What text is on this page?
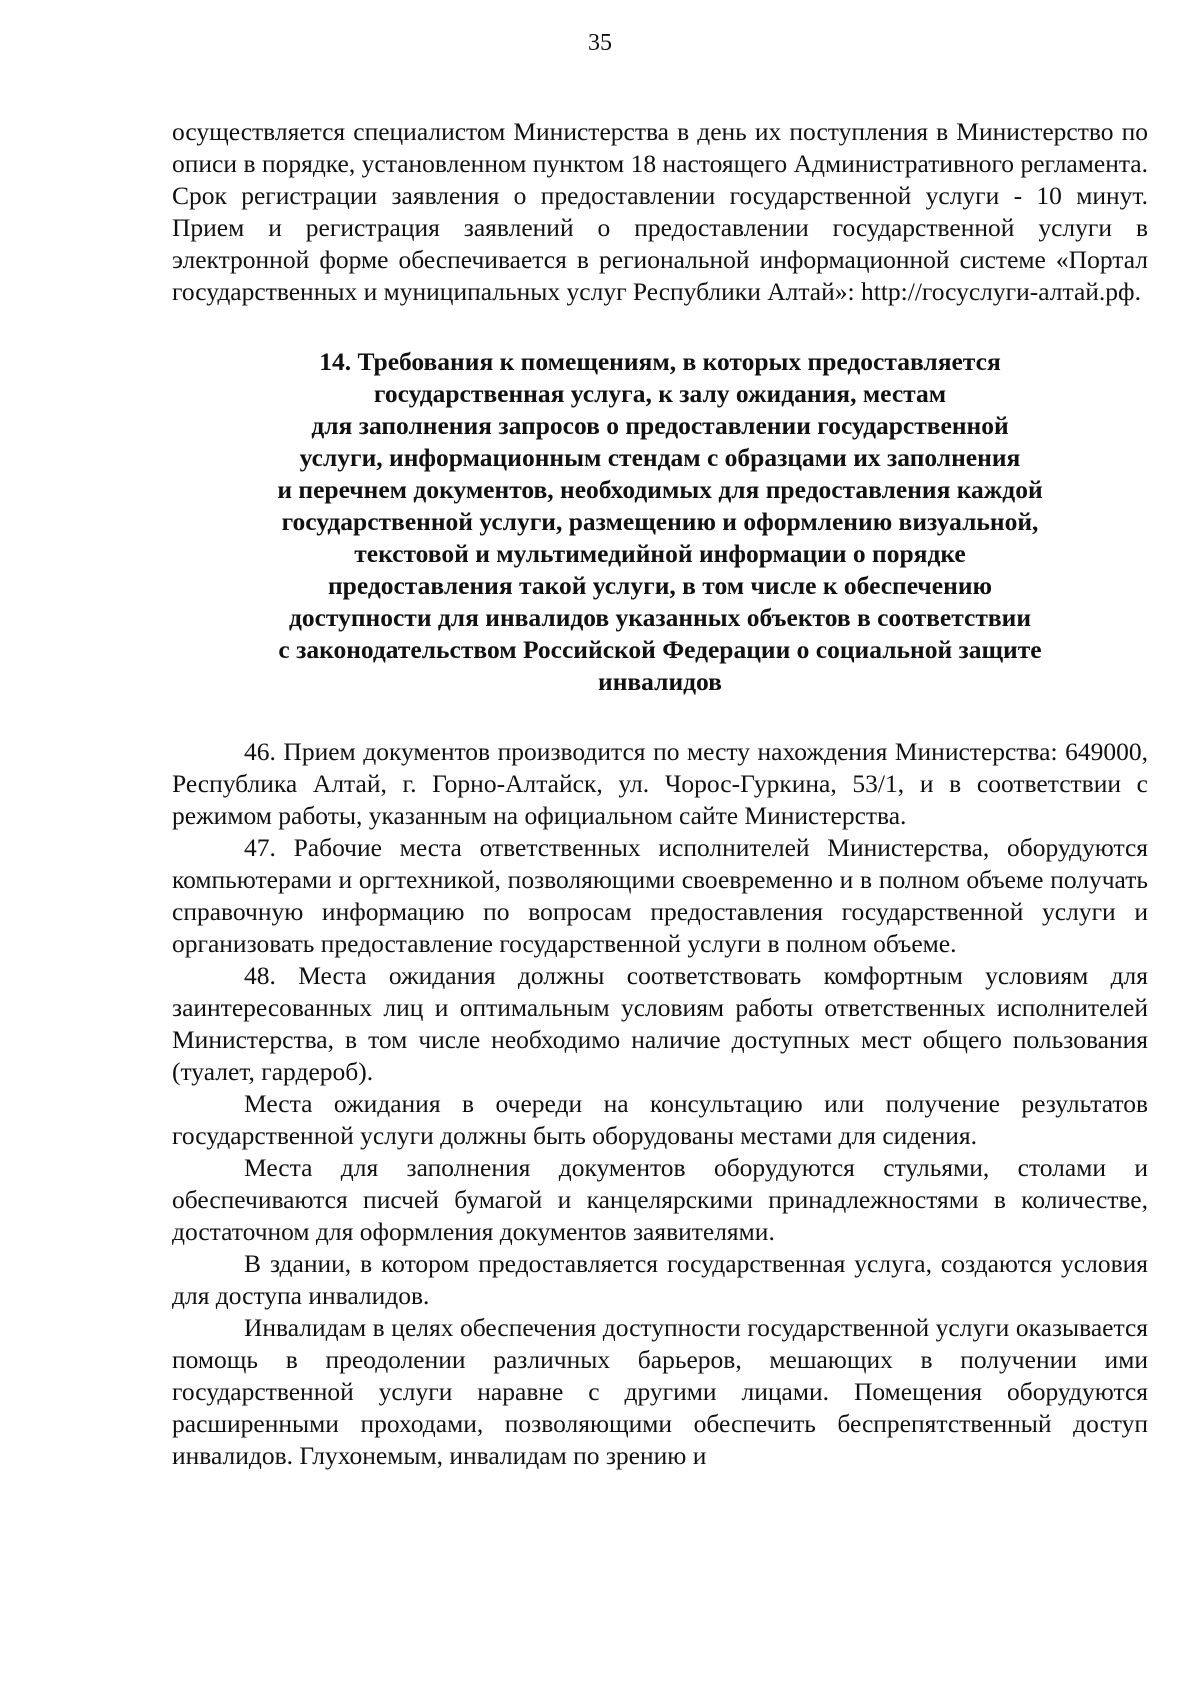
35

осуществляется специалистом Министерства в день их поступления в Министерство по описи в порядке, установленном пунктом 18 настоящего Административного регламента. Срок регистрации заявления о предоставлении государственной услуги - 10 минут. Прием и регистрация заявлений о предоставлении государственной услуги в электронной форме обеспечивается в региональной информационной системе «Портал государственных и муниципальных услуг Республики Алтай»: http://госуслуги-алтай.рф.

14. Требования к помещениям, в которых предоставляется
государственная услуга, к залу ожидания, местам
для заполнения запросов о предоставлении государственной
услуги, информационным стендам с образцами их заполнения
и перечнем документов, необходимых для предоставления каждой
государственной услуги, размещению и оформлению визуальной,
текстовой и мультимедийной информации о порядке
предоставления такой услуги, в том числе к обеспечению
доступности для инвалидов указанных объектов в соответствии
с законодательством Российской Федерации о социальной защите
инвалидов

46. Прием документов производится по месту нахождения Министерства: 649000, Республика Алтай, г. Горно-Алтайск, ул. Чорос-Гуркина, 53/1, и в соответствии с режимом работы, указанным на официальном сайте Министерства.

47. Рабочие места ответственных исполнителей Министерства, оборудуются компьютерами и оргтехникой, позволяющими своевременно и в полном объеме получать справочную информацию по вопросам предоставления государственной услуги и организовать предоставление государственной услуги в полном объеме.

48. Места ожидания должны соответствовать комфортным условиям для заинтересованных лиц и оптимальным условиям работы ответственных исполнителей Министерства, в том числе необходимо наличие доступных мест общего пользования (туалет, гардероб).

Места ожидания в очереди на консультацию или получение результатов государственной услуги должны быть оборудованы местами для сидения.

Места для заполнения документов оборудуются стульями, столами и обеспечиваются писчей бумагой и канцелярскими принадлежностями в количестве, достаточном для оформления документов заявителями.

В здании, в котором предоставляется государственная услуга, создаются условия для доступа инвалидов.

Инвалидам в целях обеспечения доступности государственной услуги оказывается помощь в преодолении различных барьеров, мешающих в получении ими государственной услуги наравне с другими лицами. Помещения оборудуются расширенными проходами, позволяющими обеспечить беспрепятственный доступ инвалидов. Глухонемым, инвалидам по зрению и
